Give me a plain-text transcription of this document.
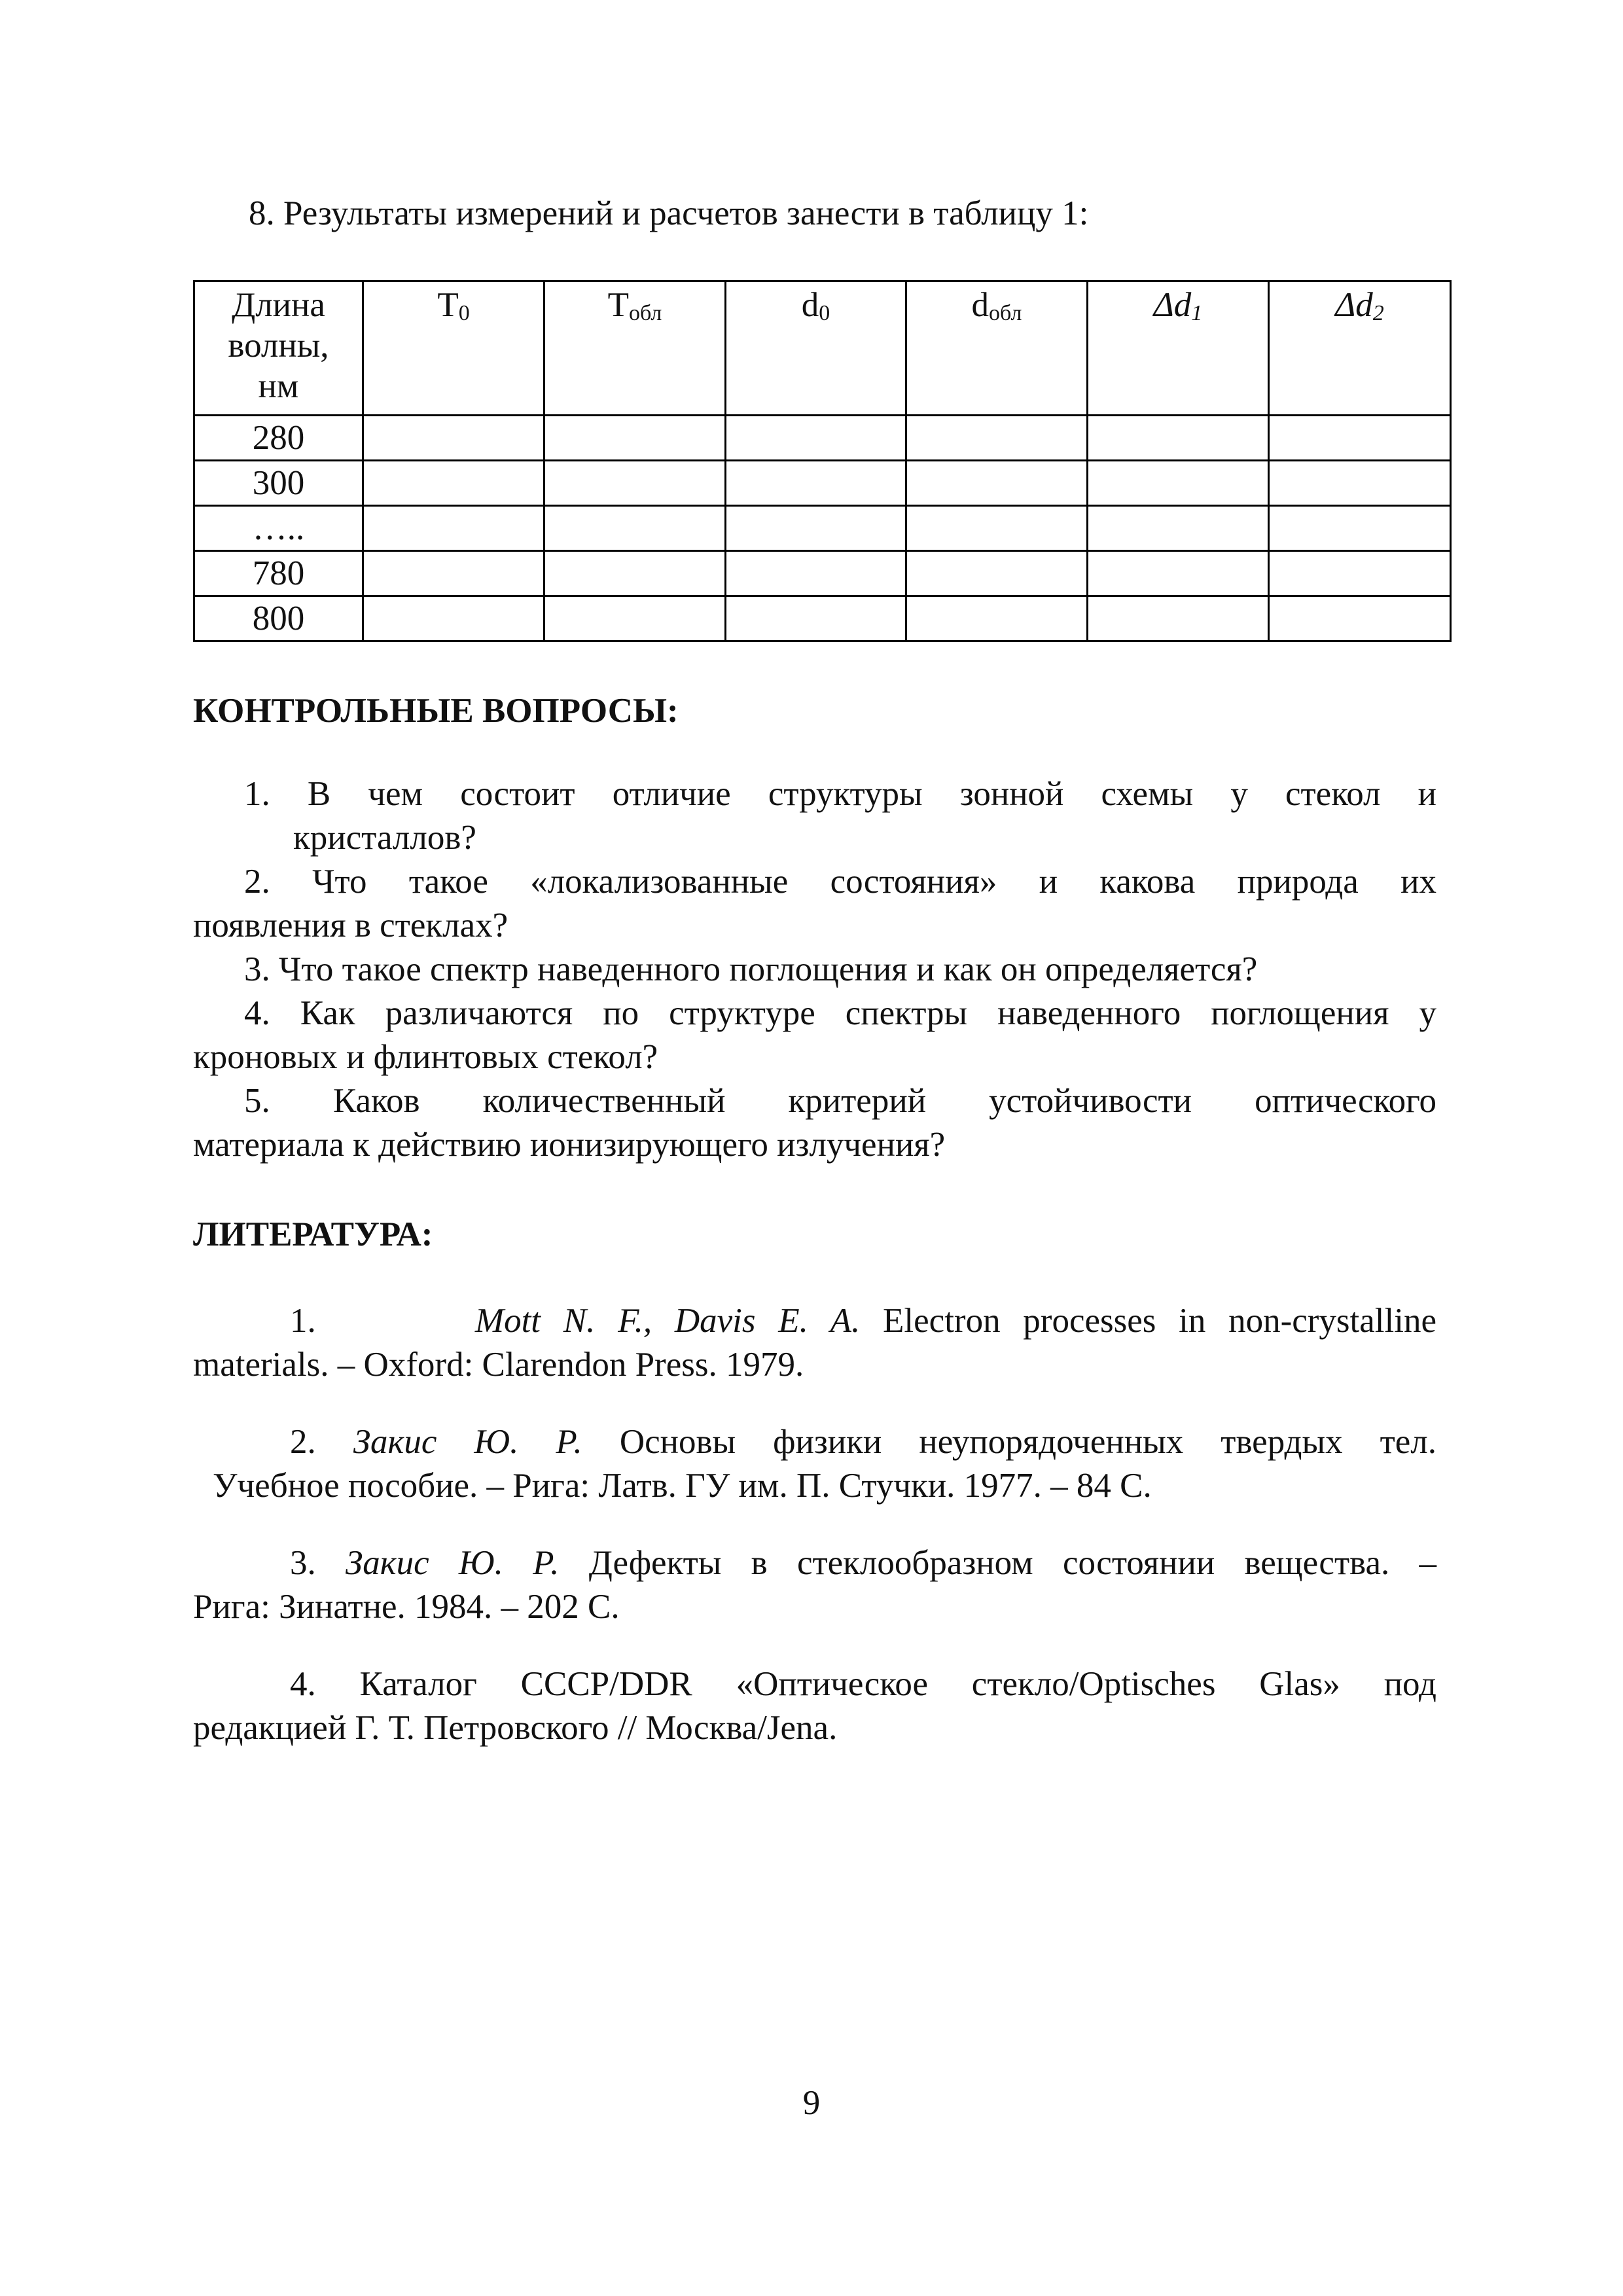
8. Результаты измерений и расчетов занести в таблицу 1:
Длина
волны,
нм	$T_0$	$T_{обл}$	$d_0$	$d_{обл}$	$\Delta d_1$	$\Delta d_2$
280						
300						
…..						
780						
800						
КОНТРОЛЬНЫЕ ВОПРОСЫ:
1. В чем состоит отличие структуры зонной схемы у стекол и
кристаллов?
2. Что такое «локализованные состояния» и какова природа их
появления в стеклах?
3. Что такое спектр наведенного поглощения и как он определяется?
4. Как различаются по структуре спектры наведенного поглощения у
кроновых и флинтовых стекол?
5. Каков количественный критерий устойчивости оптического
материала к действию ионизирующего излучения?
ЛИТЕРАТУРА:
1.	Mott N. F., Davis E. A. Electron processes in non-crystalline
materials. – Oxford: Clarendon Press. 1979.
2. Закис Ю. Р. Основы физики неупорядоченных твердых тел.
Учебное пособие. – Рига: Латв. ГУ им. П. Стучки. 1977. – 84 С.
3. Закис Ю. Р. Дефекты в стеклообразном состоянии вещества. –
Рига: Зинатне. 1984. – 202 С.
4. Каталог СССР/DDR «Оптическое стекло/Optisches Glas» под
редакцией Г. Т. Петровского // Москва/Jena.
9
